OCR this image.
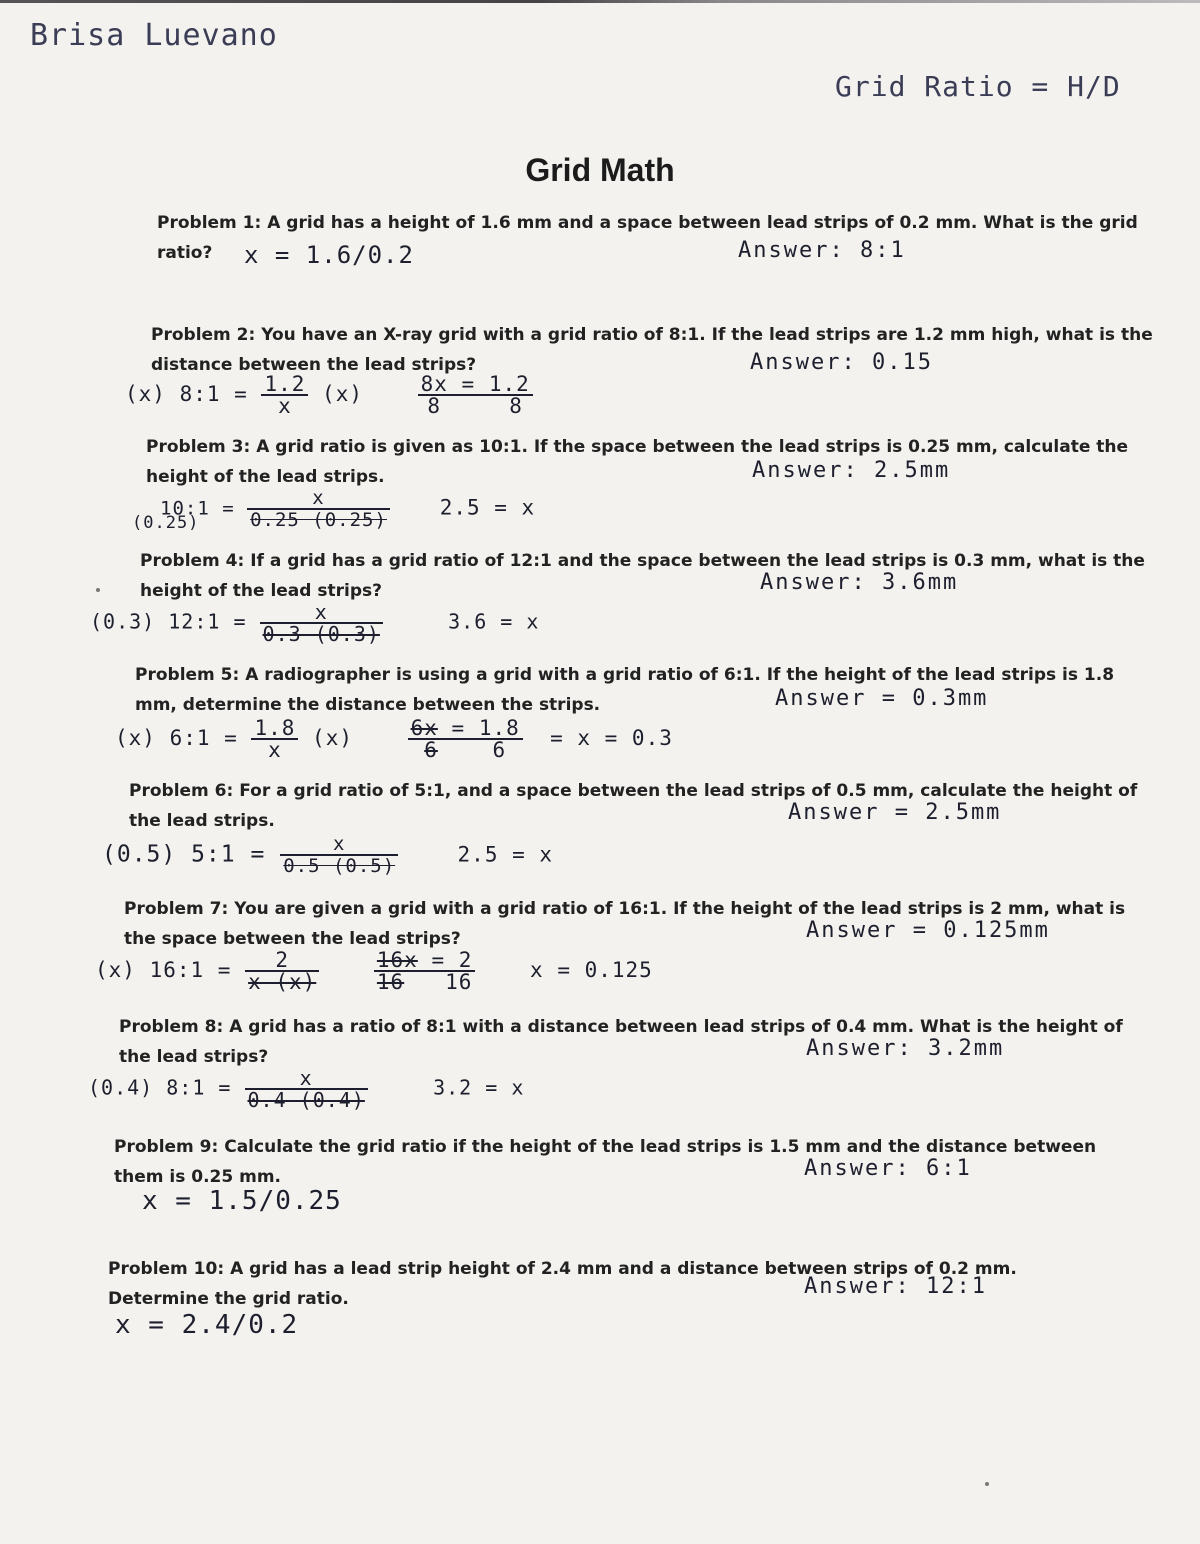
Brisa Luevano
Grid Ratio = H/D
Grid Math
Problem 1: A grid has a height of 1.6 mm and a space between lead strips of 0.2 mm. What is the grid
ratio?	x = 1.6/0.2	Answer: 8:1
Problem 2: You have an X-ray grid with a grid ratio of 8:1. If the lead strips are 1.2 mm high, what is the
distance between the lead strips?	Answer: 0.15
(x) 8:1 = $\frac{1.2}{x} (x)$	8x = 1.2
8	8
Problem 3: A grid ratio is given as 10:1. If the space between the lead strips is 0.25 mm, calculate the
height of the lead strips.	Answer: 2.5mm
10:1 = $\frac{x}{0.25 (0.25)} 2.5 = x$
(0.25)
Problem 4: If a grid has a grid ratio of 12:1 and the space between the lead strips is 0.3 mm, what is the
height of the lead strips?	Answer: 3.6mm
(0.3) 12:1 = $\frac{x}{0.3 (0.3)}$	3.6 = x
Problem 5: A radiographer is using a grid with a grid ratio of 6:1. If the height of the lead strips is 1.8
mm, determine the distance between the strips.	Answer = 0.3mm
(x) 6:1 = $\frac{1.8}{x} (x)$	6x = 1.8
6	6 = x = 0.3
Problem 6: For a grid ratio of 5:1, and a space between the lead strips of 0.5 mm, calculate the height of
the lead strips.	Answer = 2.5mm
(0.5) 5:1 = $\frac{x}{0.5 (0.5)}$	2.5 = x
Problem 7: You are given a grid with a grid ratio of 16:1. If the height of the lead strips is 2 mm, what is
the space between the lead strips?	Answer = 0.125mm
(x) 16:1 = $\frac{2}{x (x)}$
	$\frac{16x = 2}{16 16}$	x = 0.125
Problem 8: A grid has a ratio of 8:1 with a distance between lead strips of 0.4 mm. What is the height of
the lead strips?	Answer: 3.2mm
(0.4) 8:1 = $\frac{x}{0.4 (0.4)}$	3.2 = x
Problem 9: Calculate the grid ratio if the height of the lead strips is 1.5 mm and the distance between
them is 0.25 mm.	Answer: 6:1
x = 1.5/0.25
Problem 10: A grid has a lead strip height of 2.4 mm and a distance between strips of 0.2 mm.
Determine the grid ratio.	Answer: 12:1
x = 2.4/0.2
